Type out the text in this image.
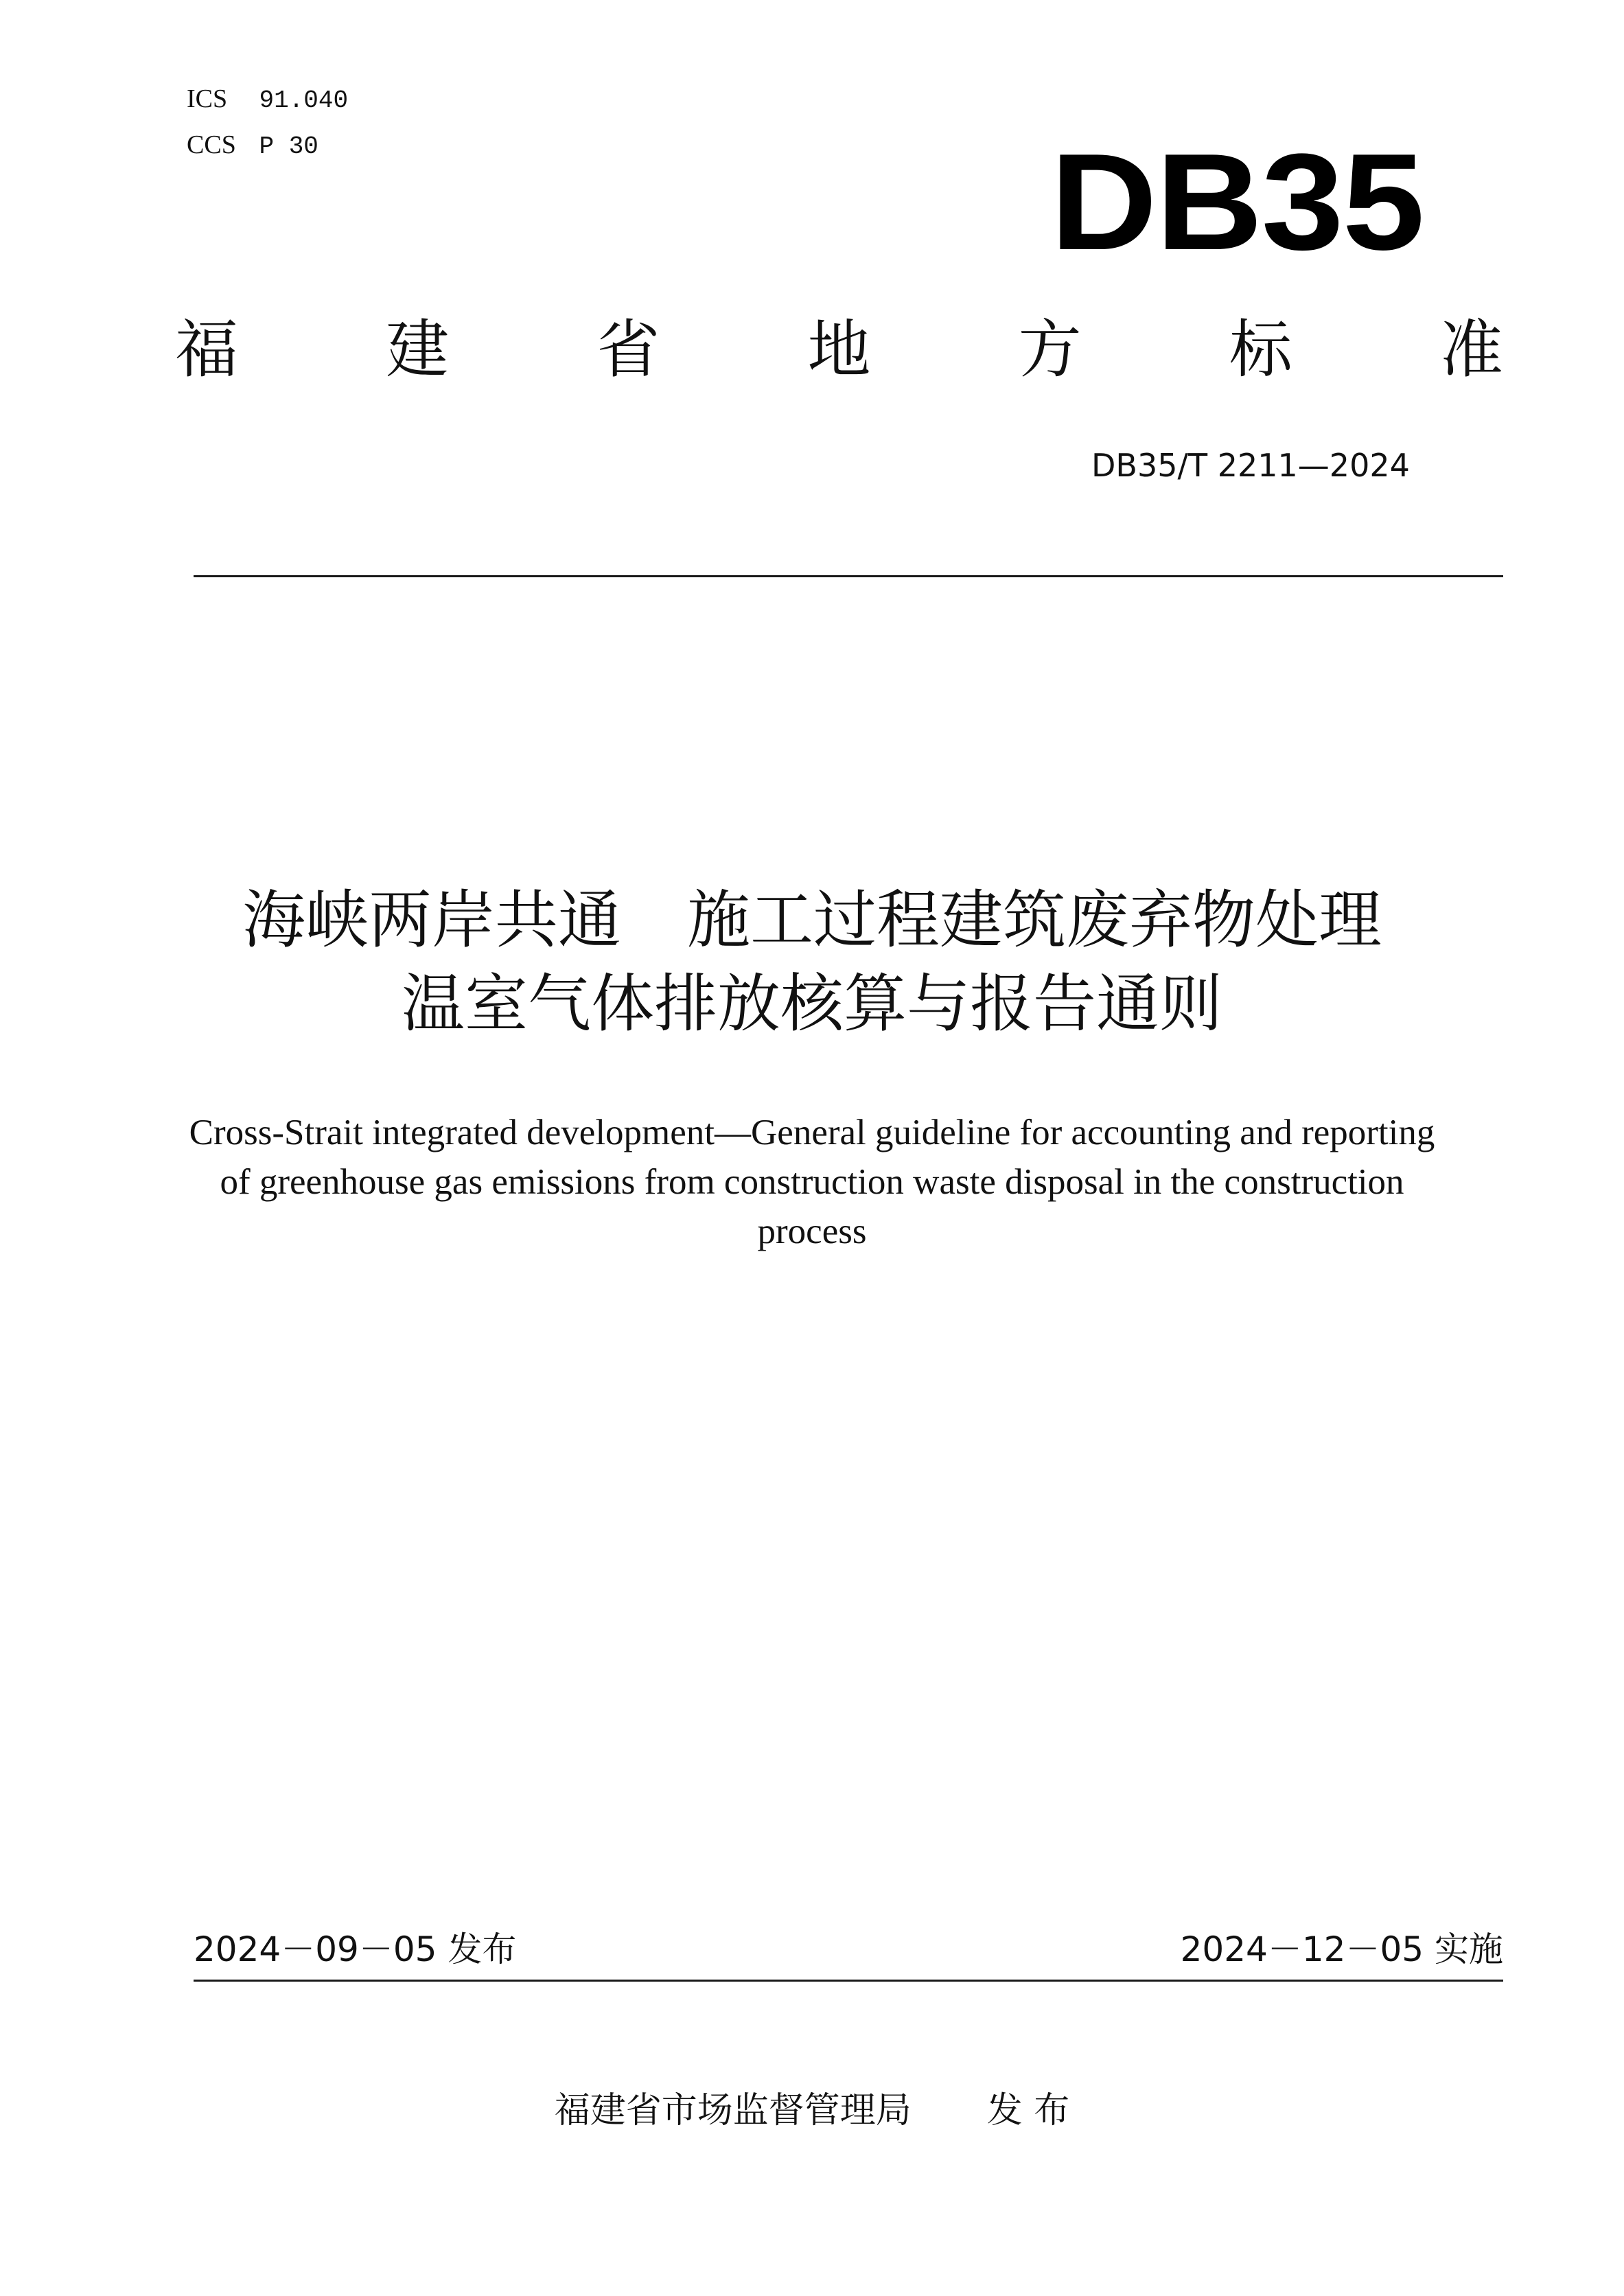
ICS 91.040
CCS P 30	DB35
福 建 省 地 方 标 准
DB35/T 2211—2024
海峡两岸共通 施工过程建筑废弃物处理
温室气体排放核算与报告通则
Cross-Strait integrated development—General guideline for accounting and reporting
of greenhouse gas emissions from construction waste disposal in the construction
process
2024－09－05 发布	2024－12－05 实施
福建省市场监督管理局 发 布
